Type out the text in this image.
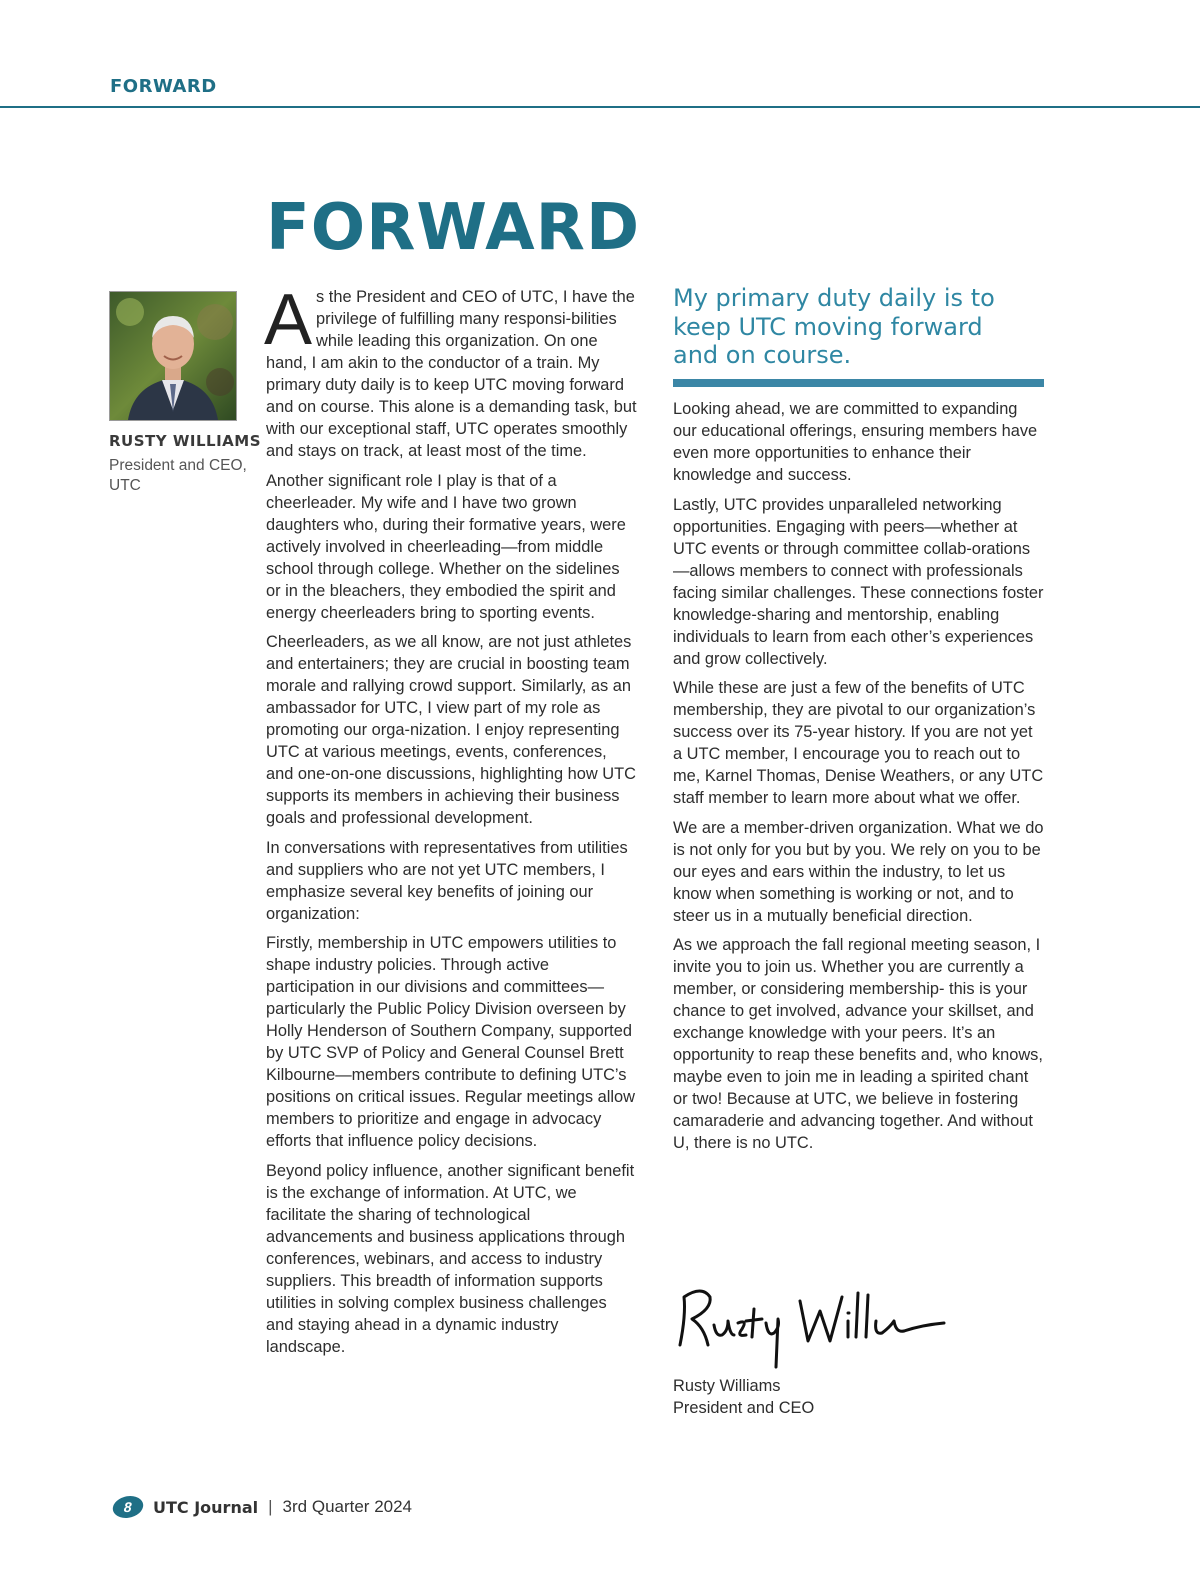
FORWARD
FORWARD
RUSTY WILLIAMS
President and CEO, UTC

As the President and CEO of UTC, I have the privilege of fulfilling many responsi-bilities while leading this organization. On one hand, I am akin to the conductor of a train. My primary duty daily is to keep UTC moving forward and on course. This alone is a demanding task, but with our exceptional staff, UTC operates smoothly and stays on track, at least most of the time.

Another significant role I play is that of a cheerleader. My wife and I have two grown daughters who, during their formative years, were actively involved in cheerleading—from middle school through college. Whether on the sidelines or in the bleachers, they embodied the spirit and energy cheerleaders bring to sporting events.

Cheerleaders, as we all know, are not just athletes and entertainers; they are crucial in boosting team morale and rallying crowd support. Similarly, as an ambassador for UTC, I view part of my role as promoting our orga-nization. I enjoy representing UTC at various meetings, events, conferences, and one-on-one discussions, highlighting how UTC supports its members in achieving their business goals and professional development.

In conversations with representatives from utilities and suppliers who are not yet UTC members, I emphasize several key benefits of joining our organization:

Firstly, membership in UTC empowers utilities to shape industry policies. Through active participation in our divisions and committees—particularly the Public Policy Division overseen by Holly Henderson of Southern Company, supported by UTC SVP of Policy and General Counsel Brett Kilbourne—members contribute to defining UTC’s positions on critical issues. Regular meetings allow members to prioritize and engage in advocacy efforts that influence policy decisions.

Beyond policy influence, another significant benefit is the exchange of information. At UTC, we facilitate the sharing of technological advancements and business applications through conferences, webinars, and access to industry suppliers. This breadth of information supports utilities in solving complex business challenges and staying ahead in a dynamic industry landscape.

My primary duty daily is to keep UTC moving forward and on course.

Looking ahead, we are committed to expanding our educational offerings, ensuring members have even more opportunities to enhance their knowledge and success.

Lastly, UTC provides unparalleled networking opportunities. Engaging with peers—whether at UTC events or through committee collab-orations—allows members to connect with professionals facing similar challenges. These connections foster knowledge-sharing and mentorship, enabling individuals to learn from each other’s experiences and grow collectively.

While these are just a few of the benefits of UTC membership, they are pivotal to our organization’s success over its 75-year history. If you are not yet a UTC member, I encourage you to reach out to me, Karnel Thomas, Denise Weathers, or any UTC staff member to learn more about what we offer.

We are a member-driven organization. What we do is not only for you but by you. We rely on you to be our eyes and ears within the industry, to let us know when something is working or not, and to steer us in a mutually beneficial direction.

As we approach the fall regional meeting season, I invite you to join us. Whether you are currently a member, or considering membership- this is your chance to get involved, advance your skillset, and exchange knowledge with your peers. It’s an opportunity to reap these benefits and, who knows, maybe even to join me in leading a spirited chant or two! Because at UTC, we believe in fostering camaraderie and advancing together. And without U, there is no UTC.

Rusty Williams
President and CEO
8	UTC Journal | 3rd Quarter 2024
